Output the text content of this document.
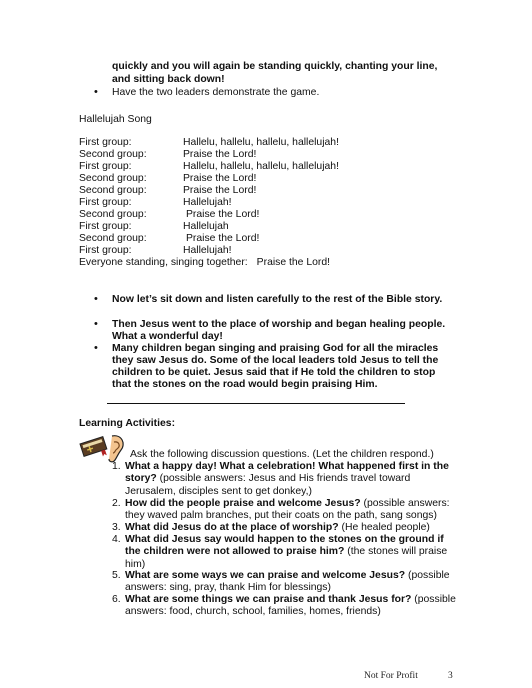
quickly and you will again be standing quickly, chanting your line,
and sitting back down!
• Have the two leaders demonstrate the game.
Hallelujah Song
First group:	Hallelu, hallelu, hallelu, hallelujah!
Second group:	Praise the Lord!
First group:	Hallelu, hallelu, hallelu, hallelujah!
Second group:	Praise the Lord!
Second group:	Praise the Lord!
First group:	Hallelujah!
Second group:	Praise the Lord!
First group:	Hallelujah
Second group:	Praise the Lord!
First group:	Hallelujah!
Everyone standing, singing together: Praise the Lord!
• Now let’s sit down and listen carefully to the rest of the Bible story.
• Then Jesus went to the place of worship and began healing people.
What a wonderful day!
• Many children began singing and praising God for all the miracles
they saw Jesus do. Some of the local leaders told Jesus to tell the
children to be quiet. Jesus said that if He told the children to stop
that the stones on the road would begin praising Him.
Learning Activities:
Ask the following discussion questions. (Let the children respond.)
1. What a happy day! What a celebration! What happened first in the story? (possible answers: Jesus and His friends travel toward Jerusalem, disciples sent to get donkey,)
2. How did the people praise and welcome Jesus? (possible answers: they waved palm branches, put their coats on the path, sang songs)
3. What did Jesus do at the place of worship? (He healed people)
4. What did Jesus say would happen to the stones on the ground if the children were not allowed to praise him? (the stones will praise him)
5. What are some ways we can praise and welcome Jesus? (possible answers: sing, pray, thank Him for blessings)
6. What are some things we can praise and thank Jesus for? (possible answers: food, church, school, families, homes, friends)
Not For Profit	3
